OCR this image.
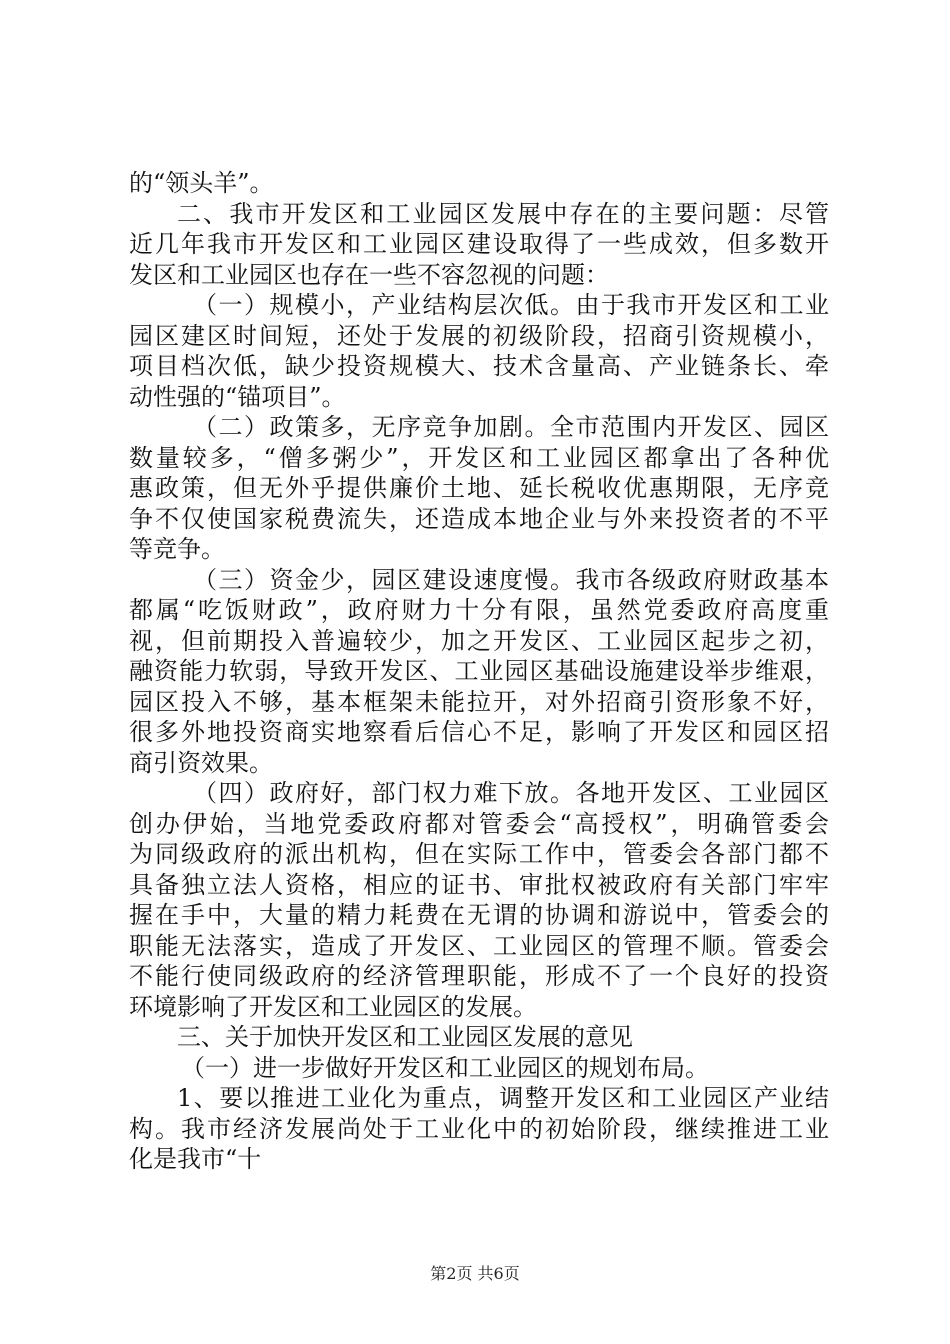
的“领头羊”。
二、我市开发区和工业园区发展中存在的主要问题：尽管
近几年我市开发区和工业园区建设取得了一些成效，但多数开
发区和工业园区也存在一些不容忽视的问题：
（一）规模小，产业结构层次低。由于我市开发区和工业
园区建区时间短，还处于发展的初级阶段，招商引资规模小，
项目档次低，缺少投资规模大、技术含量高、产业链条长、牵
动性强的“锚项目”。
（二）政策多，无序竞争加剧。全市范围内开发区、园区
数量较多，“僧多粥少”，开发区和工业园区都拿出了各种优
惠政策，但无外乎提供廉价土地、延长税收优惠期限，无序竞
争不仅使国家税费流失，还造成本地企业与外来投资者的不平
等竞争。
（三）资金少，园区建设速度慢。我市各级政府财政基本
都属“吃饭财政”，政府财力十分有限，虽然党委政府高度重
视，但前期投入普遍较少，加之开发区、工业园区起步之初，
融资能力软弱，导致开发区、工业园区基础设施建设举步维艰，
园区投入不够，基本框架未能拉开，对外招商引资形象不好，
很多外地投资商实地察看后信心不足，影响了开发区和园区招
商引资效果。
（四）政府好，部门权力难下放。各地开发区、工业园区
创办伊始，当地党委政府都对管委会“高授权”，明确管委会
为同级政府的派出机构，但在实际工作中，管委会各部门都不
具备独立法人资格，相应的证书、审批权被政府有关部门牢牢
握在手中，大量的精力耗费在无谓的协调和游说中，管委会的
职能无法落实，造成了开发区、工业园区的管理不顺。管委会
不能行使同级政府的经济管理职能，形成不了一个良好的投资
环境影响了开发区和工业园区的发展。
三、关于加快开发区和工业园区发展的意见
（一）进一步做好开发区和工业园区的规划布局。
1、要以推进工业化为重点，调整开发区和工业园区产业结
构。我市经济发展尚处于工业化中的初始阶段，继续推进工业
化是我市“十
第2页 共6页
